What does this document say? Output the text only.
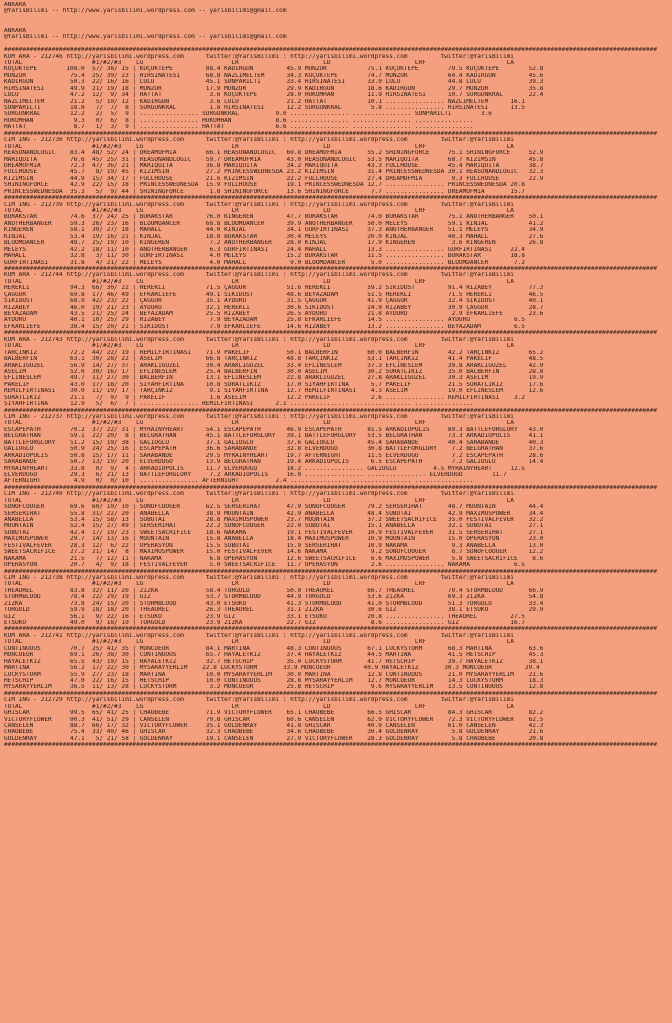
ANKARA
@YarisBilimi -- http://www.yarisbilimi.wordpress.com -- yarisbilimi@gmail.com
ANKARA
@YarisBilimi -- http://www.yarisbilimi.wordpress.com -- yarisbilimi@gmail.com
##################################################################################################################################################################################
KUM ARA - 212746 http://yarisbilimi.wordpress.com      twitter:@YarisBilimi : http://yarisbilimi.wordpress.com         twitter:@YarisBilimi
TOTAL                   #1/#2/#3    LG                        LR                       LD                       LRF                      LA
KÜÇÜKTEPE        108.0  57/ 38/ 15 | KÜÇÜKTEPE         88.4 KADIRGÜN         45.9 MUNZUR           75.1 KÜÇÜKTEPE        79.5 KÜÇÜKTEPE        52.8
MUNZUR            75.4  25/ 39/ 23 | HIRSINATESI       68.8 NAZLIMELTEM      34.3 KÜÇÜKTEPE        74.7 MUNZUR           64.4 KADIRGÜN         45.6
KADIRGÜN          50.3  22/ 16/ 16 | LULU              45.1 SONPARILTI       33.4 HIRSINATESI      33.0 LULU             44.8 LULU             39.3
HIRSINATESI       49.9  21/ 19/ 18 | MUNZUR            17.9 MUNZUR           29.9 KADIRGÜN         18.6 KADIRGÜN         29.7 MUNZUR           35.8
LULU              47.2  12/  9/ 34 | HATTAT             3.6 KÜÇÜKTEPE        28.0 HÜKÜMHAN         11.9 HIRSINATESI      10.7 SÜRGÜNKRAL       22.4
NAZLIMELTEM       21.2   5/ 10/ 12 | KADIRGÜN           3.6 LULU             21.2 HATTAT           10.1 ................ NAZLIMELTEM      16.1
SONPARILTI        18.8   7/  7/  8 | SÜRGÜNKRAL         1.8 HIRSINATESI      12.2 SÜRGÜNKRAL        5.8 ................ HIRSINATESI      13.5
SÜRGÜNKRAL        12.2   2/  5/  9 | ................ SÜRGÜNKRAL          9.0 ................ ................ SONPARILTI        3.6
HÜKÜMHAN           9.3   0/  6/  8 | ................ HÜKÜMHAN            8.6 ................ ................ ................
HATTAT             8.7   1/  3/  9 | ................ HATTAT              6.6 ................ ................ ................
##################################################################################################################################################################################
CIM ING - 212730 http://yarisbilimi.wordpress.com      twitter:@YarisBilimi : http://yarisbilimi.wordpress.com         twitter:@YarisBilimi
TOTAL                   #1/#2/#3    LG                        LR                       LD                       LRF                      LA
REASONANDLOGIC    83.4  48/ 52/ 24 | DREAMOFMIA        66.1 REASONANDLOGIC   69.8 DREAMOFMIA       55.2 SHININGFORCE     75.1 SHININGFORCE     52.9
MARIQUITA         76.6  45/ 25/ 31 | REASONANDLOGIC    59.7 DREAMOFMIA       43.0 REASONANDLOGIC   53.5 MARIQUITA        68.7 KIZIMSIN         45.8
DREAMOFMIA        72.3  47/ 36/ 21 | MARIQUITA         36.8 MARIQUITA        34.2 MARIQUITA        43.3 FULLHOUSE        45.4 MARIQUITA        38.7
FULLHOUSE         45.7   8/ 19/ 45 | KIZIMSIN          27.2 PRINCESSWEDNESDA 23.2 KIZIMSIN         31.4 PRINCESSWEDNESDA 30.1 REASONANDLOGIC   32.3
KIZIMSIN          44.9  15/ 34/ 17 | FULLHOUSE         21.6 KIZIMSIN         22.2 FULLHOUSE        27.4 DREAMOFMIA        9.3 FULLHOUSE        22.9
SHININGFORCE      42.9  22/ 15/ 18 | PRINCESSWEDNESDA  15.9 FULLHOUSE        19.1 PRINCESSWEDNESDA 12.7 ................ PRINCESSWEDNESDA 20.8
PRINCESSWEDNESDA  35.3   5/  9/ 44 | SHININGFORCE       1.8 SHININGFORCE     13.6 SHININGFORCE      7.7 ................ DREAMOFMIA       15.7
##################################################################################################################################################################################
CIM ING - 212739 http://yarisbilimi.wordpress.com      twitter:@YarisBilimi : http://yarisbilimi.wordpress.com         twitter:@YarisBilimi
TOTAL                   #1/#2/#3    LG                        LR                       LD                       LRF                      LA
BURAKSTAR         74.6  37/ 24/ 25 | BURAKSTAR         76.0 KINGEREN         47.7 BURAKSTAR        74.0 BURAKSTAR        75.1 ANOTHERBANGER    50.1
ANOTHERBANGER     59.3  26/ 23/ 16 | BLOOMDANCER       68.8 BLOOMDANCER      39.9 ANOTHERBANGER    50.0 MELEYS           59.1 KINJAL           41.2
KINGEREN          58.1  30/ 27/ 18 | MAHALL            44.0 KINJAL           34.1 GÜRFIRTINASI     37.3 ANOTHERBANGER    51.1 MELEYS           34.9
KINJAL            53.4  19/ 16/ 21 | KINJAL            18.8 BURAKSTAR        30.4 MELEYS           20.0 KINJAL           40.3 MAHALL           27.6
BLOOMDANCER       48.7  25/ 19/ 10 | KINGEREN           7.2 ANOTHERBANGER    28.0 KINJAL           17.9 KINGEREN          3.6 KINGEREN         26.8
MELEYS            42.2  18/ 11/ 10 | ANOTHERBANGER      6.3 GÜRFIRTINASI     24.4 MAHALL           13.3 ................ GÜRFIRTINASI     22.4
MAHALL            32.8   3/ 11/ 30 | GÜRFIRTINASI       4.0 MELEYS           15.2 BURAKSTAR        11.5 ................ BURAKSTAR        18.8
GÜRFIRTINASI      31.8   4/ 21/ 22 | MELEYS             4.0 MAHALL            9.0 BLOOMDANCER       5.0 ................ BLOOMDANCER       7.2
##################################################################################################################################################################################
KUM ARA - 212744 http://yarisbilimi.wordpress.com      twitter:@YarisBilimi : http://yarisbilimi.wordpress.com         twitter:@YarisBilimi
TOTAL                   #1/#2/#3    LG                        LR                       LD                       LRF                      LA
HEREKLI           94.3  66/ 30/ 22 | HEREKLI           71.5 ÇAGGÜR           51.6 HEREKLI          59.2 SIKIDOST         91.4 RIZABEY          77.3
ÇAGGÜR            69.8  17/ 46/ 49 | EFKARLIEFE        49.1 SIKIDOST         48.6 BEYAZADAM        51.5 HEREKLI          71.5 HEREKLI          46.5
SIKIDOST          68.9  42/ 23/ 22 | ÇAGGÜR            35.1 AYDURU           31.5 ÇAGGÜR           41.9 ÇAGGÜR           32.4 SIKIDOST         40.1
RIZABEY           46.0  19/ 21/ 23 | AYDURU            32.1 HEREKLI          30.6 SIKIDOST         24.9 RIZABEY          30.9 ÇAGGÜR           28.7
BEYAZADAM         43.5  21/ 25/ 24 | BEYAZADAM         25.5 RIZABEY          26.5 AYDURU           21.8 AYDURU            2.9 EFKARLIEFE       23.6
AYDURU            40.1  10/ 25/ 29 | RIZABEY            7.9 BEYAZADAM        25.8 EFKARLIEFE       14.5 ................ AYDURU            6.5
EFKARLIEFE        38.4  15/ 20/ 21 | SIKIDOST           7.9 EFKARLIEFE       14.6 RIZABEY          13.2 ................ BEYAZADAM         6.5
##################################################################################################################################################################################
KUM ARA - 212743 http://yarisbilimi.wordpress.com      twitter:@YarisBilimi : http://yarisbilimi.wordpress.com         twitter:@YarisBilimi
TOTAL                   #1/#2/#3    LG                        LR                       LD                       LRF                      LA
TARÇINKIZ         72.2  44/ 22/ 19 | REMILFIRTINASI    71.9 PAKELIF          50.1 BALBERFIN        60.0 BALBERFIN        42.2 TARÇINKIZ        65.2
BALBERFIN         63.1  30/ 28/ 22 | ASELIM            66.8 TARÇINKIZ        48.8 TARÇINKIZ        53.1 TARÇINKIZ        41.4 PAKELIF          48.5
ARAKLIGÜZEL       56.9  14/ 27/ 37 | ARAKLIGÜZEL       30.4 ARAKLIGÜZEL      33.4 EFLINESLEM       37.3 EFLINESLEM       39.8 ARAKLIGÜZEL      42.9
ASELIM            52.0  30/ 16/ 17 | EFLINESLEM        25.4 BALBERFIN        30.0 ASELIM           30.2 SÜRATLIKIZ       35.0 BALBERFIN        28.8
EFLINESLEM        49.7  11/ 27/ 30 | BALBERFIN         13.1 EFLINESLEM       22.8 ARAKLIGÜZEL      27.8 ARAKLIGÜZEL      30.3 ASELIM           19.9
PAKELIF           43.0  17/ 18/ 20 | SIYAHFIRTINA      10.8 SÜRATLIKIZ       17.0 SIYAHFIRTINA      5.7 PAKELIF          21.5 SÜRATLIKIZ       17.6
REMILFIRTINASI    30.0  11/ 19/ 17 | TARÇINKIZ          9.1 SIYAHFIRTINA     12.7 REMILFIRTINASI    4.3 ASELIM           19.0 EFLINESLEM       12.6
SÜRATLIKIZ        21.1   7/  9/  9 | PAKELIF            1.6 ASELIM           12.2 PAKELIF           2.6 ................ REMILFIRTINASI    3.2
SIYAHFIRTINA      12.9   5/  6/  7 | ................ REMILFIRTINASI      2.1 ................ ................ ................
##################################################################################################################################################################################
CIM ING - 212737 http://yarisbilimi.wordpress.com      twitter:@YarisBilimi : http://yarisbilimi.wordpress.com         twitter:@YarisBilimi
TOTAL                   #1/#2/#3    LG                        LR                       LD                       LRF                      LA
ESCAPEPATH        70.2  37/ 22/ 31 | MYRAINYHEART      54.1 ESCAPEPATH       46.9 ESCAPEPATH       81.5 ARKADIOPOLIS     89.3 BATTLEFORGLORY   43.0
BELGRATHAN        59.1  22/ 20/  8 | BELGRATHAN        45.1 BATTLEFORGLORY   39.1 BATTLEFORGLORY   53.5 BELGRATHAN       73.3 ARKADIOPOLIS     41.1
BATTLEFORGLORY    51.2  15/ 19/ 38 | GALIOGLU          37.1 GALIOGLU         37.6 GALIOGLU         45.4 SARABANDE        40.4 SARABANDE        40.3
GALIOGLU          50.9  24/ 25/ 16 | ESCAPEPATH        36.6 SARABANDE        32.8 ELVERDUGO        30.8 BATTLEFORGLORY    7.2 BELGRATHAN       37.6
ARKADIOPOLIS      50.8  15/ 17/ 11 | SARABANDE         29.5 MYRAINYHEART     19.7 AFTERNIGHT       11.5 ELVERDUGO         7.2 ESCAPEPATH       28.6
SARABANDE         50.7  13/ 19/ 20 | ELVERDUGO         13.9 BELGRATHAN       19.4 ARKADIOPOLIS      6.5 ESCAPEPATH        7.2 GALIOGLU         14.4
MYRAINYHEART      33.8   0/  9/  4 | ARKADIOPOLIS      11.7 ELVERDUGO        18.2 ................ GALIOGLU          4.5 MYRAINYHEART     12.5
ELVERDUGO         29.3   6/ 21/ 13 | BATTLEFORGLORY     7.2 ARKADIOPOLIS     16.0 ................ ................ ELVERDUGO        11.7
AFTERNIGHT         4.9   0/  0/ 10 | ................ AFTERNIGHT          2.4 ................ ................ ................
##################################################################################################################################################################################
CIM ING - 212740 http://yarisbilimi.wordpress.com      twitter:@YarisBilimi : http://yarisbilimi.wordpress.com         twitter:@YarisBilimi
TOTAL                   #1/#2/#3    LG                        LR                       LD                       LRF                      LA
SONOFCOOGER       69.6  60/ 10/ 10 | SONOFCOOGER       62.5 SERSERIHAT       47.9 SONOFCOOGER      79.2 SERSERIHAT       48.7 MOUNTAIN         44.4
SERSERIHAT        55.8  31/ 22/ 20 | ANABELLA          38.9 MOUNTAIN         42.9 ANABELLA         48.4 SUBUTAI          42.9 MAXIMUSPOWER     34.4
ANABELLA          53.4  15/ 58/ 13 | SUBUTAI           28.8 MAXIMUSPOWER     23.7 MOUNTAIN         37.2 SWEETSACRIFICE   35.0 FESTIVALFEVER    32.2
MOUNTAIN          52.4  15/ 27/ 49 | SERSERIHAT        22.2 SONOFCOOGER      22.0 SUBUTAI          15.1 ANABELLA         32.1 SUBUTAI          27.1
SUBUTAI           42.4  17/ 19/ 23 | SWEETSACRIFICE    18.6 NAKAMA           19.1 FESTIVALFEVER    10.9 FESTIVALFEVER    31.5 SERSERIHAT       27.1
MAXIMUSPOWER      29.7  14/ 13/ 16 | MOUNTAIN          15.8 ANABELLA         18.4 MAXIMUSPOWER     10.9 MOUNTAIN         15.0 OPERASYON        23.0
FESTIVALFEVER     28.3  12/  6/ 22 | OPERASYON         15.5 SUBUTAI          15.9 SERSERIHAT       10.9 NAKAMA            9.3 ANABELLA         13.0
SWEETSACRIFICE    27.2  21/ 14/  8 | MAXIMUSPOWER      15.0 FESTIVALFEVER    14.6 NAKAMA            9.2 SONOFCOOGER       8.7 SONOFCOOGER      12.2
NAKAMA            21.5   7/ 12/ 11 | NAKAMA             6.8 OPERASYON        12.6 SWEETSACRIFICE    6.6 MAXIMUSPOWER      5.8 SWEETSACRIFICE    8.6
OPERASYON         20.7   4/  9/ 18 | FESTIVALFEVER      5.0 SWEETSACRIFICE   11.7 OPERASYON         2.6 ................ NAKAMA            6.5
##################################################################################################################################################################################
CIM ING - 212738 http://yarisbilimi.wordpress.com      twitter:@YarisBilimi : http://yarisbilimi.wordpress.com         twitter:@YarisBilimi
TOTAL                   #1/#2/#3    LG                        LR                       LD                       LRF                      LA
THEAUREL          83.8  32/ 11/ 20 | ZIZKA             58.4 TORGOLD          50.0 THEAUREL         66.7 THEAUREL         70.4 STORMBLOOD       66.9
STORMBLOOD        78.4  22/ 29/ 19 | GIZ               53.7 STORMBLOOD       44.9 TORGOLD          53.6 ZIZKA            69.3 ZIZKA            54.8
ZIZKA             73.8  24/ 15/ 20 | STORMBLOOD        43.0 ETSUKO           41.3 STORMBLOOD       41.0 STORMBLOOD       51.3 TORGOLD          33.4
TORGOLD           59.9  18/ 18/ 20 | THEAUREL          26.3 THEAUREL         31.1 ZIZKA            30.6 GIZ              38.1 ETSUKO           29.9
GIZ               56.1   9/ 22/ 16 | ETSUKO            23.9 GIZ              33.1 ETSUKO           20.8 ................ THEAUREL         27.5
ETSUKO            49.0   9/ 18/ 19 | TORGOLD           23.9 ZIZKA            22.7 GIZ               8.6 ................ GIZ              16.7
##################################################################################################################################################################################
KUM ARA - 212741 http://yarisbilimi.wordpress.com      twitter:@YarisBilimi : http://yarisbilimi.wordpress.com         twitter:@YarisBilimi
TOTAL                   #1/#2/#3    LG                        LR                       LD                       LRF                      LA
CONTINUOUS        70.7  25/ 41/ 35 | MONCOEUR          84.1 MARTINA          48.3 CONTINUOUS       67.1 LUCKYSTORM       68.3 MARTINA          63.6
MONCOEUR          69.1  26/ 38/ 30 | CONTINUOUS        65.7 HAYALETKIZ       37.4 HAYALETKIZ       44.5 MARTINA          41.5 HETSCHIP         45.3
HAYALETKIZ        65.5  43/ 19/ 15 | HAYALETKIZ        32.7 HETSCHIP         35.0 LUCKYSTORM       41.7 HETSCHIP         39.7 HAYALETKIZ       38.1
MARTINA           56.2  17/ 22/ 30 | MYSARAYYERLIM    22.8 LUCKYSTORM       33.9 MONCOEUR         40.9 HAYALETKIZ       30.3 MONCOEUR         29.4
LUCKYSTORM        55.9  27/ 23/ 18 | MARTINA           10.0 MYSARAYYERLIM    30.0 MARTINA          12.8 CONTINUOUS       21.0 MYSARAYYERLIM    21.6
HETSCHIP          47.0  22/ 16/ 15 | HETSCHIP          10.0 CONTINUOUS       28.8 MYSARAYYERLIM    12.7 MONCOEUR         14.3 LUCKYSTORM       18.3
MYSARAYYERLIM     36.5  11/ 13/ 28 | LUCKYSTORM         3.2 MONCOEUR         25.8 HETSCHIP          9.6 MYSARAYYERLIM    13.5 CONTINUOUS       12.8
##################################################################################################################################################################################
CIM ING - 212729 http://yarisbilimi.wordpress.com      twitter:@YarisBilimi : http://yarisbilimi.wordpress.com         twitter:@YarisBilimi
TOTAL                   #1/#2/#3    LG                        LR                       LD                       LRF                      LA
GHISCAR           99.5  65/ 41/ 25 | CHAOBEBE          71.9 VICTORYFLOWER    65.1 CHAOBEBE         66.5 GHISCAR          84.3 GHISCAR          82.2
VICTORYFLOWER     90.3  41/ 51/ 29 | CANSELEN          70.8 GHISCAR          60.6 CANSELEN         62.9 VICTORYFLOWER    72.3 VICTORYFLOWER    62.5
CANSELEN          88.7  66/ 17/ 32 | VICTORYFLOWER     35.1 GOLDENRAY        41.8 GHISCAR          40.9 CANSELEN         61.0 CANSELEN         42.3
CHAOBEBE          75.4  33/ 40/ 46 | GHISCAR           32.3 CHAOBEBE         34.6 CHAOBEBE         30.4 GOLDENRAY         5.8 GOLDENRAY        21.6
GOLDENRAY         47.1   5/ 21/ 58 | GOLDENRAY         19.1 CANSELEN         27.0 VICTORYFLOWER    28.3 GOLDENRAY         5.8 CHAOBEBE         20.8
##################################################################################################################################################################################
